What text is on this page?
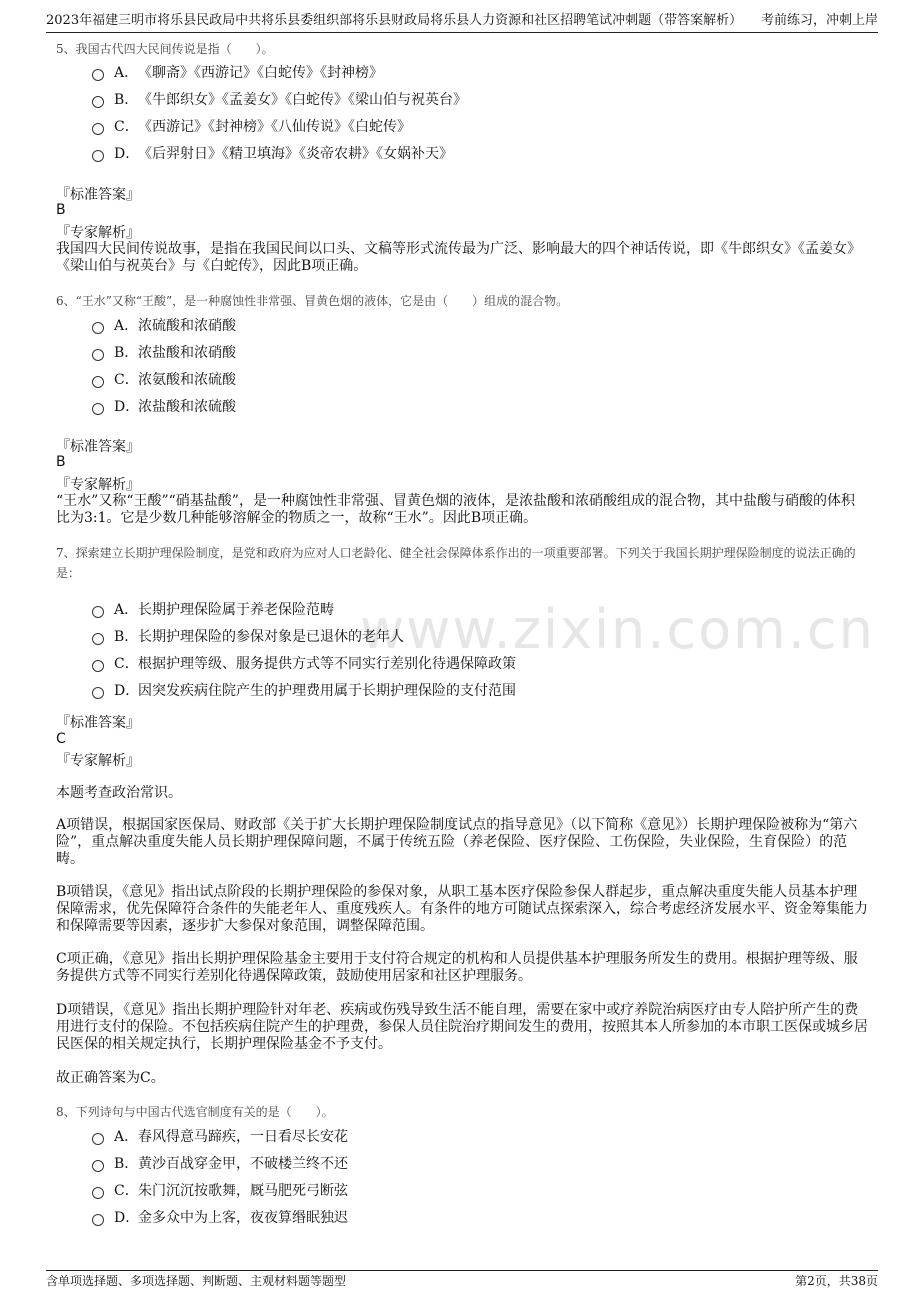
2023年福建三明市将乐县民政局中共将乐县委组织部将乐县财政局将乐县人力资源和社区招聘笔试冲刺题（带答案解析） 考前练习，冲刺上岸
www.zixin.com.cn
5、我国古代四大民间传说是指（　　）。
A． 《聊斋》《西游记》《白蛇传》《封神榜》
B． 《牛郎织女》《孟姜女》《白蛇传》《梁山伯与祝英台》
C． 《西游记》《封神榜》《八仙传说》《白蛇传》
D．
《后羿射日》《精卫填海》《炎帝农耕》《女娲补天》
『标准答案』
B
『专家解析』
我国四大民间传说故事，是指在我国民间以口头、文稿等形式流传最为广泛、影响最大的四个神话传说，即《牛郎织女》《孟姜女》《梁山伯与祝英台》与《白蛇传》，因此B项正确。
6、“王水”又称“王酸”，是一种腐蚀性非常强、冒黄色烟的液体，它是由（　　）组成的混合物。
A． 浓硫酸和浓硝酸
B． 浓盐酸和浓硝酸
C． 浓氨酸和浓硫酸
D．
浓盐酸和浓硫酸
『标准答案』
B
『专家解析』
“王水”又称“王酸”“硝基盐酸”，是一种腐蚀性非常强、冒黄色烟的液体，是浓盐酸和浓硝酸组成的混合物，其中盐酸与硝酸的体积比为3:1。它是少数几种能够溶解金的物质之一，故称“王水”。因此B项正确。
7、探索建立长期护理保险制度，是党和政府为应对人口老龄化、健全社会保障体系作出的一项重要部署。下列关于我国长期护理保险制度的说法正确的是：
A． 长期护理保险属于养老保险范畴
B． 长期护理保险的参保对象是已退休的老年人
C． 根据护理等级、服务提供方式等不同实行差别化待遇保障政策
D．
因突发疾病住院产生的护理费用属于长期护理保险的支付范围
『标准答案』
C
『专家解析』
本题考查政治常识。
A项错误，根据国家医保局、财政部《关于扩大长期护理保险制度试点的指导意见》（以下简称《意见》）长期护理保险被称为“第六险”，重点解决重度失能人员长期护理保障问题，不属于传统五险（养老保险、医疗保险、工伤保险，失业保险，生育保险）的范畴。
B项错误，《意见》指出试点阶段的长期护理保险的参保对象，从职工基本医疗保险参保人群起步，重点解决重度失能人员基本护理保障需求，优先保障符合条件的失能老年人、重度残疾人。有条件的地方可随试点探索深入，综合考虑经济发展水平、资金筹集能力和保障需要等因素，逐步扩大参保对象范围，调整保障范围。
C项正确，《意见》指出长期护理保险基金主要用于支付符合规定的机构和人员提供基本护理服务所发生的费用。根据护理等级、服务提供方式等不同实行差别化待遇保障政策，鼓励使用居家和社区护理服务。
D项错误，《意见》指出长期护理险针对年老、疾病或伤残导致生活不能自理，需要在家中或疗养院治病医疗由专人陪护所产生的费用进行支付的保险。不包括疾病住院产生的护理费，参保人员住院治疗期间发生的费用，按照其本人所参加的本市职工医保或城乡居民医保的相关规定执行，长期护理保险基金不予支付。
故正确答案为C。
8、下列诗句与中国古代选官制度有关的是（　　）。
A． 春风得意马蹄疾，一日看尽长安花
B． 黄沙百战穿金甲，不破楼兰终不还
C． 朱门沉沉按歌舞，厩马肥死弓断弦
D．
金多众中为上客，夜夜算缗眠独迟
含单项选择题、多项选择题、判断题、主观材料题等题型	第2页，共38页
